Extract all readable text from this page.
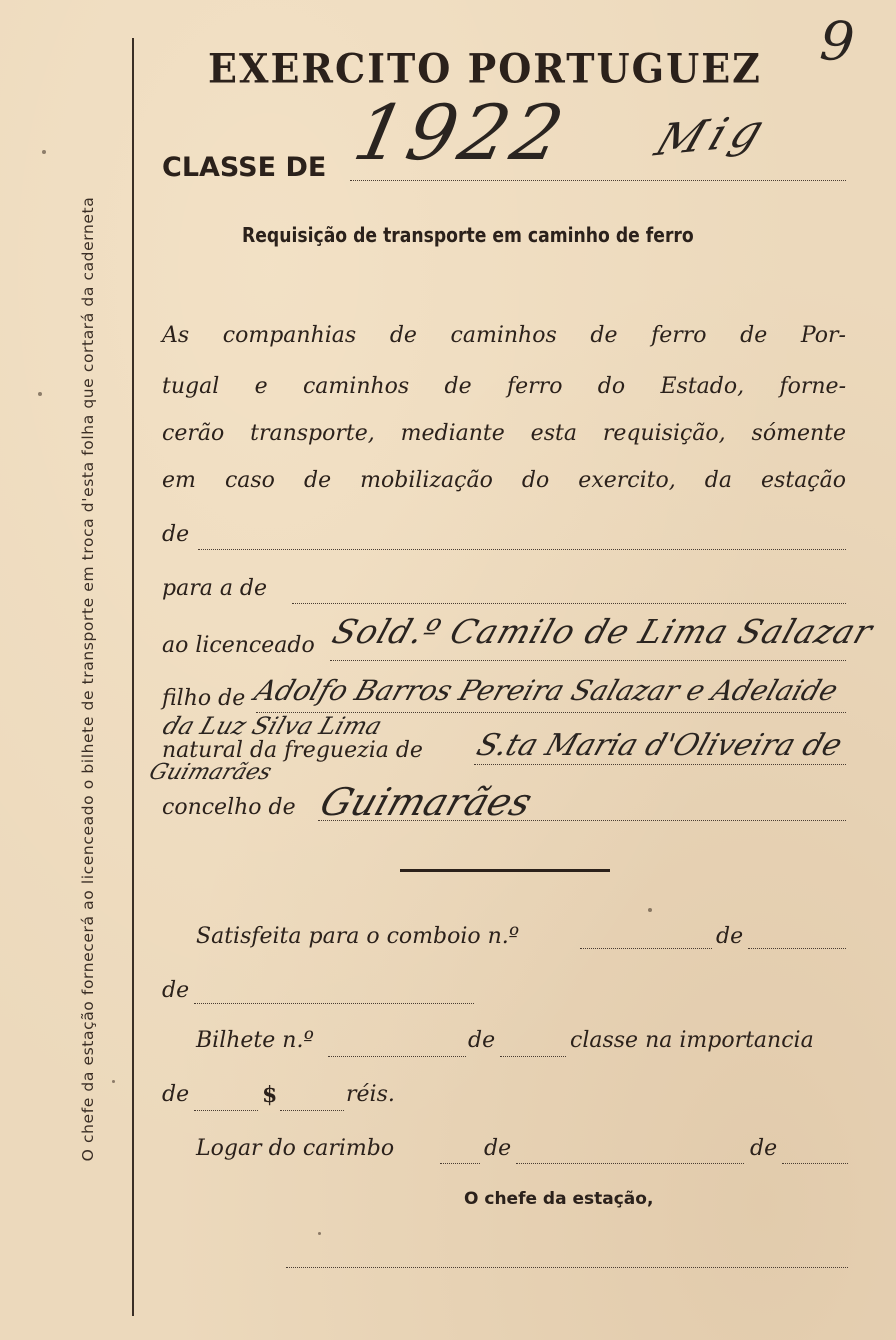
O chefe da estação fornecerá ao licenceado o bilhete de transporte em troca d'esta folha que cortará da caderneta
EXERCITO PORTUGUEZ 9
CLASSE DE 1922 Mig
Requisição de transporte em caminho de ferro
As companhias de caminhos de ferro de Por-
tugal e caminhos de ferro do Estado, forne-
cerão transporte, mediante esta requisição, sómente
em caso de mobilização do exercito, da estação
de
para a de
ao licenceado Sold.º Camilo de Lima Salazar
filho de Adolfo Barros Pereira Salazar e Adelaide
da Luz Silva Lima
natural da freguezia de S.ta Maria d'Oliveira de
Guimarães
concelho de Guimarães
Satisfeita para o comboio n.º	de
de
Bilhete n.º	de	classe na importancia
de	$	réis.
Logar do carimbo	de	de
O chefe da estação,
